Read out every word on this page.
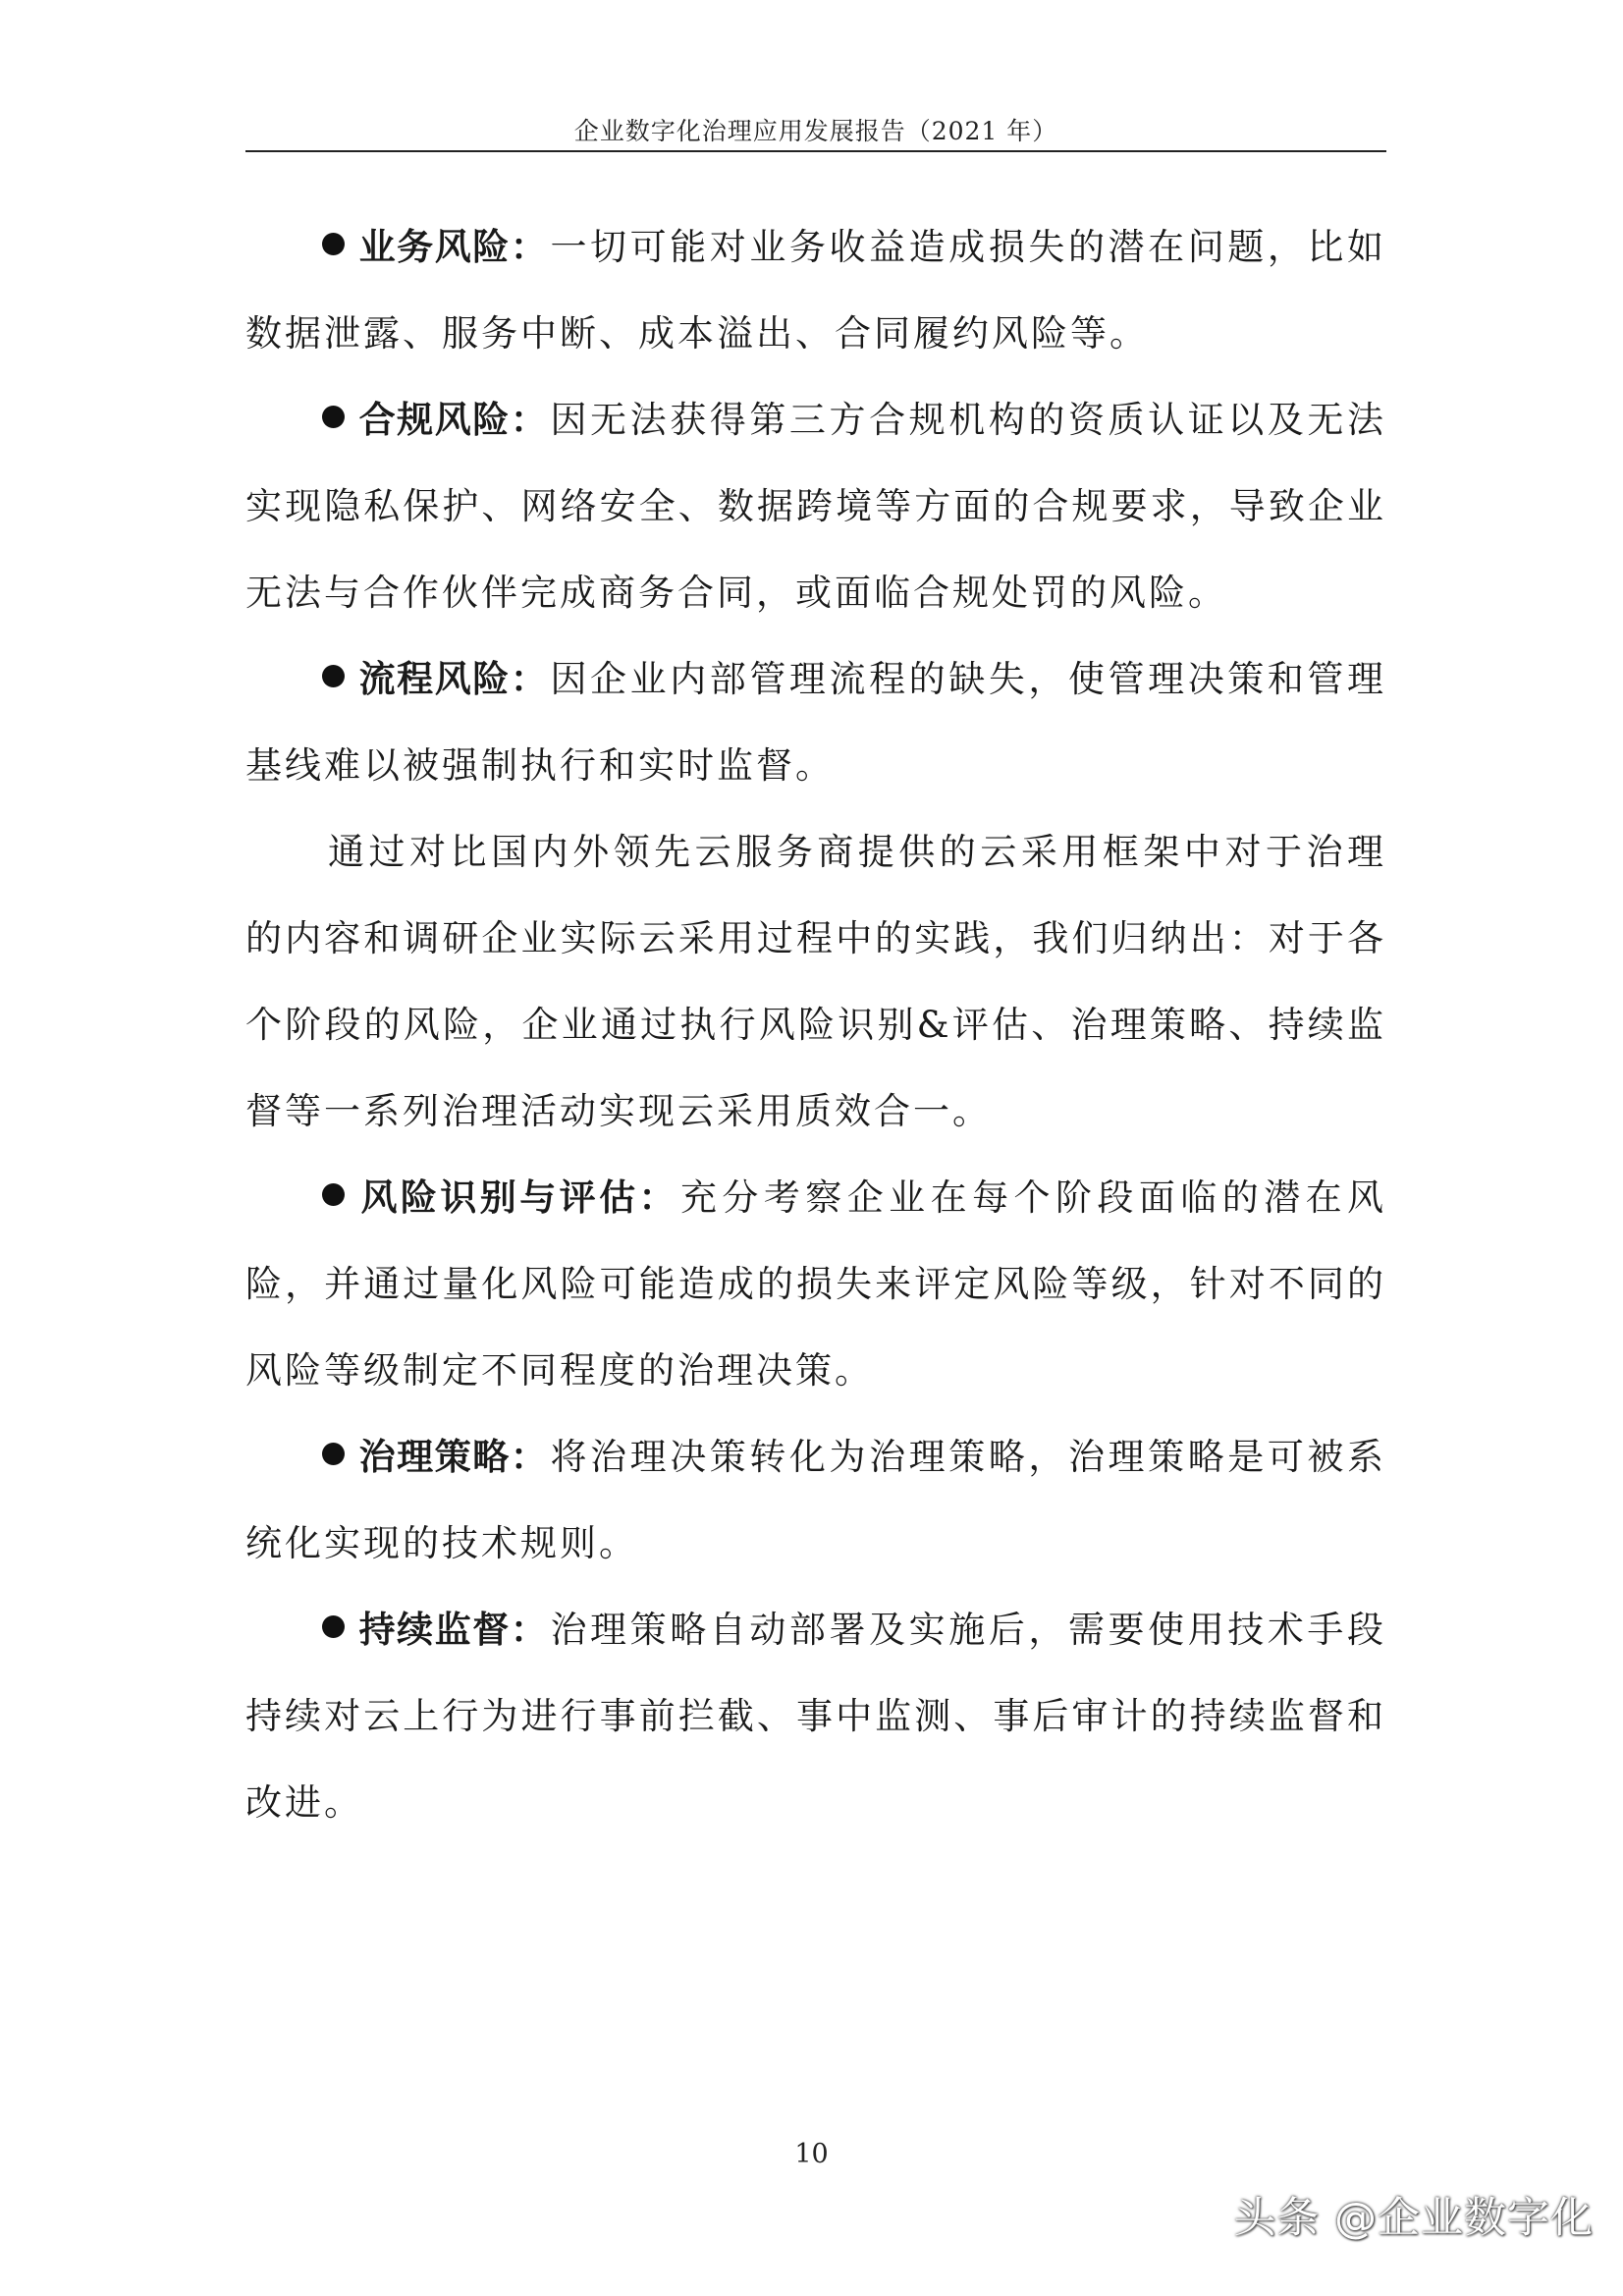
企业数字化治理应用发展报告（2021 年）

业务风险：一切可能对业务收益造成损失的潜在问题，比如数据泄露、服务中断、成本溢出、合同履约风险等。

合规风险：因无法获得第三方合规机构的资质认证以及无法实现隐私保护、网络安全、数据跨境等方面的合规要求，导致企业无法与合作伙伴完成商务合同，或面临合规处罚的风险。

流程风险：因企业内部管理流程的缺失，使管理决策和管理基线难以被强制执行和实时监督。

通过对比国内外领先云服务商提供的云采用框架中对于治理的内容和调研企业实际云采用过程中的实践，我们归纳出：对于各个阶段的风险，企业通过执行风险识别&评估、治理策略、持续监督等一系列治理活动实现云采用质效合一。

风险识别与评估：充分考察企业在每个阶段面临的潜在风险，并通过量化风险可能造成的损失来评定风险等级，针对不同的风险等级制定不同程度的治理决策。

治理策略：将治理决策转化为治理策略，治理策略是可被系统化实现的技术规则。

持续监督：治理策略自动部署及实施后，需要使用技术手段持续对云上行为进行事前拦截、事中监测、事后审计的持续监督和改进。

10
头条 @企业数字化
